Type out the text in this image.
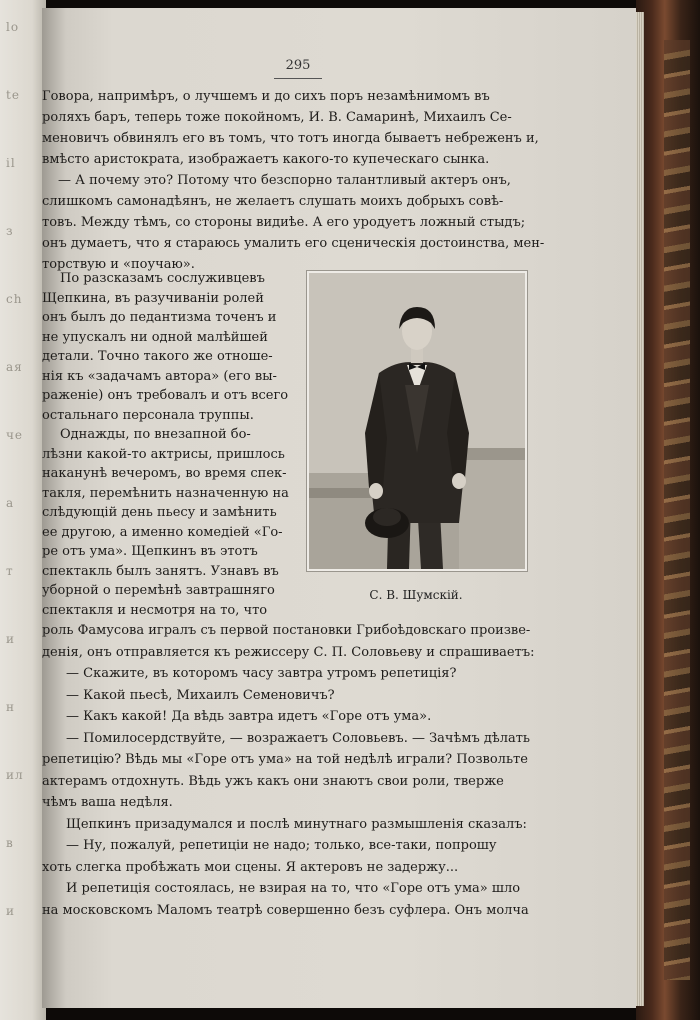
lo
te
il
з
ch
ая
че
а
т
и
н
ил
в
и
295
С. В. Шумскій.
Говора, напримѣръ, о лучшемъ и до сихъ поръ незамѣнимомъ въ
роляхъ баръ, теперь тоже покойномъ, И. В. Самаринѣ, Михаилъ Се-
меновичъ обвинялъ его въ томъ, что тотъ иногда бываетъ небреженъ и,
вмѣсто аристократа, изображаетъ какого-то купеческаго сынка.
— А почему это? Потому что безспорно талантливый актеръ онъ,
слишкомъ самонадѣянъ, не желаетъ слушать моихъ добрыхъ совѣ-
товъ. Между тѣмъ, со стороны видиѣе. А его уродуетъ ложный стыдъ;
онъ думаетъ, что я стараюсь умалить его сценическія достоинства, мен-
торствую и «поучаю».
По разсказамъ сослуживцевъ
Щепкина, въ разучиваніи ролей
онъ былъ до педантизма точенъ и
не упускалъ ни одной малѣйшей
детали. Точно такого же отноше-
нія къ «задачамъ автора» (его вы-
раженіе) онъ требовалъ и отъ всего
остальнаго персонала труппы.
Однажды, по внезапной бо-
лѣзни какой-то актрисы, пришлось
наканунѣ вечеромъ, во время спек-
такля, перемѣнить назначенную на
слѣдующій день пьесу и замѣнить
ее другою, а именно комедіей «Го-
ре отъ ума». Щепкинъ въ этотъ
спектакль былъ занятъ. Узнавъ въ
уборной о перемѣнѣ завтрашняго
спектакля и несмотря на то, что
роль Фамусова игралъ съ первой постановки Грибоѣдовскаго произве-
денія, онъ отправляется къ режиссеру С. П. Соловьеву и спрашиваетъ:
— Скажите, въ которомъ часу завтра утромъ репетиція?
— Какой пьесѣ, Михаилъ Семеновичъ?
— Какъ какой! Да вѣдь завтра идетъ «Горе отъ ума».
— Помилосердствуйте, — возражаетъ Соловьевъ. — Зачѣмъ дѣлать
репетицію? Вѣдь мы «Горе отъ ума» на той недѣлѣ играли? Позвольте
актерамъ отдохнуть. Вѣдь ужъ какъ они знаютъ свои роли, тверже
чѣмъ ваша недѣля.
Щепкинъ призадумался и послѣ минутнаго размышленія сказалъ:
— Ну, пожалуй, репетиціи не надо; только, все-таки, попрошу
хоть слегка пробѣжать мои сцены. Я актеровъ не задержу...
И репетиція состоялась, не взирая на то, что «Горе отъ ума» шло
на московскомъ Маломъ театрѣ совершенно безъ суфлера. Онъ молча
